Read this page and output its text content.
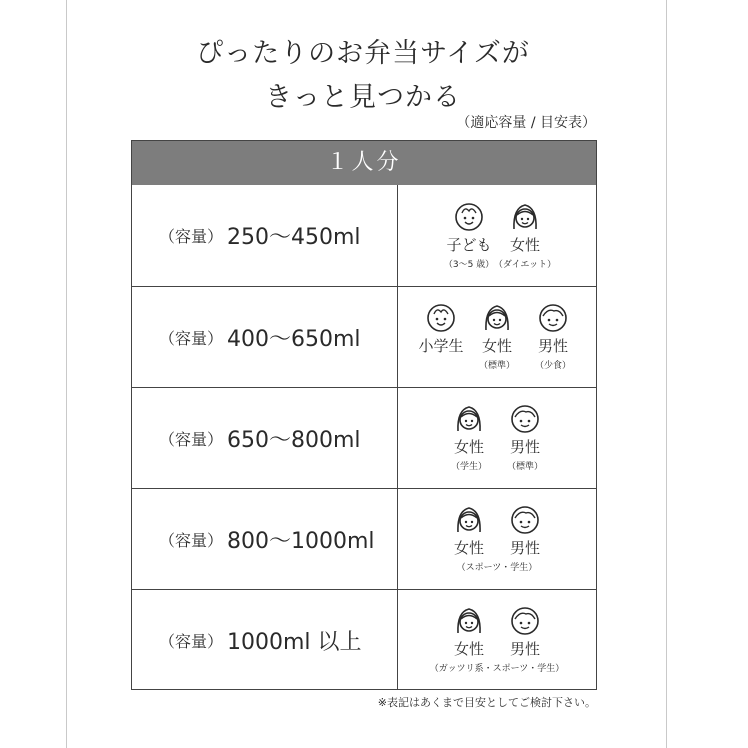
ぴったりのお弁当サイズが
きっと見つかる
（適応容量 / 目安表）
１人分
（容量） 250〜450ml	子ども
（3〜5 歳）
女性
（ダイエット）
（容量） 400〜650ml	小学生 女性
（標準）
男性
（少食）
（容量） 650〜800ml	女性
（学生）
男性
（標準）
（容量） 800〜1000ml	女性 男性
（スポーツ・学生）
（容量） 1000ml 以上	女性 男性
（ガッツリ系・スポーツ・学生）
※表記はあくまで目安としてご検討下さい。
